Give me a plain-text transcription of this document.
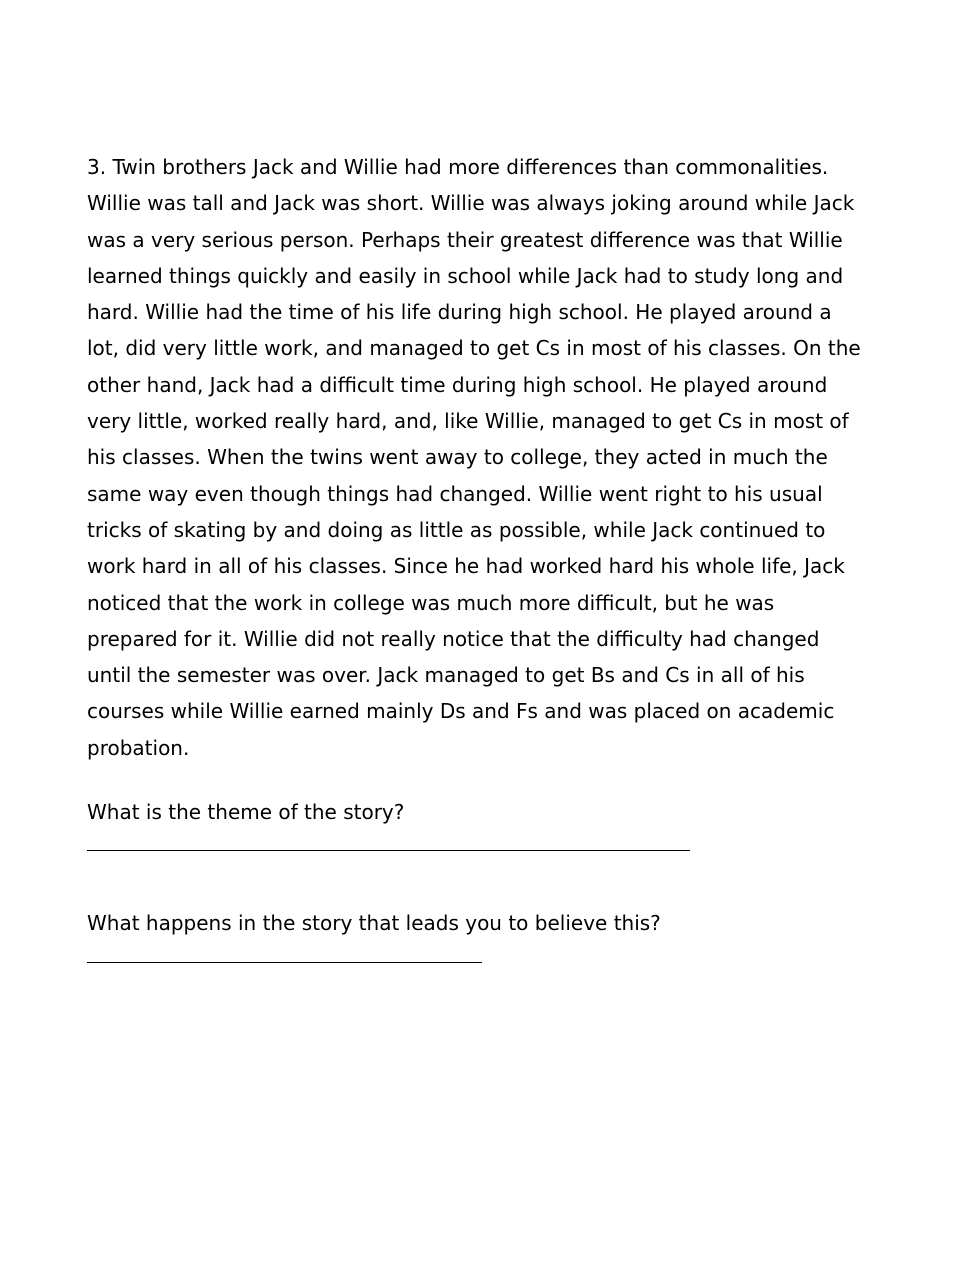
3. Twin brothers Jack and Willie had more differences than commonalities.
Willie was tall and Jack was short. Willie was always joking around while Jack
was a very serious person. Perhaps their greatest difference was that Willie
learned things quickly and easily in school while Jack had to study long and
hard. Willie had the time of his life during high school. He played around a
lot, did very little work, and managed to get Cs in most of his classes. On the
other hand, Jack had a difficult time during high school. He played around
very little, worked really hard, and, like Willie, managed to get Cs in most of
his classes. When the twins went away to college, they acted in much the
same way even though things had changed. Willie went right to his usual
tricks of skating by and doing as little as possible, while Jack continued to
work hard in all of his classes. Since he had worked hard his whole life, Jack
noticed that the work in college was much more difficult, but he was
prepared for it. Willie did not really notice that the difficulty had changed
until the semester was over. Jack managed to get Bs and Cs in all of his
courses while Willie earned mainly Ds and Fs and was placed on academic
probation.

What is the theme of the story?

What happens in the story that leads you to believe this?
